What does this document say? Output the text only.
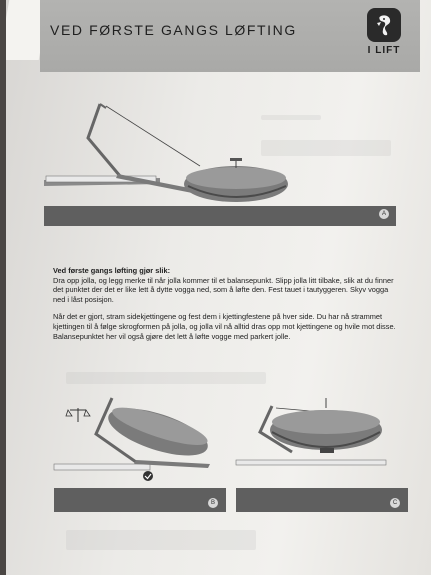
VED FØRSTE GANGS LØFTING
I LIFT
A

Ved første gangs løfting gjør slik:
Dra opp jolla, og legg merke til når jolla kommer til et balansepunkt. Slipp jolla litt tilbake, slik at du finner det punktet der det er like lett å dytte vogga ned, som å løfte den. Fest tauet i tautyggeren. Skyv vogga ned i låst posisjon.

Når det er gjort, stram sidekjettingene og fest dem i kjettingfestene på hver side. Du har nå strammet kjettingen til å følge skrogformen på jolla, og jolla vil nå alltid dras opp mot kjettingene og hvile mot disse. Balansepunktet her vil også gjøre det lett å løfte vogge med parkert jolle.

B	C
